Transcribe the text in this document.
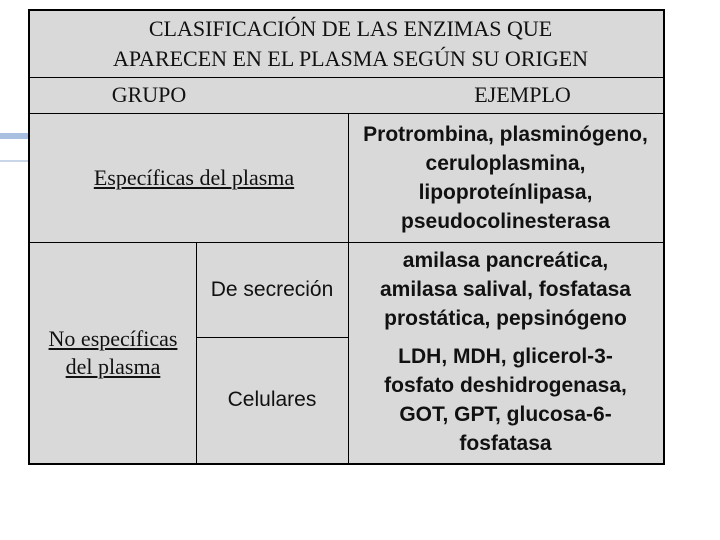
CLASIFICACIÓN DE LAS ENZIMAS QUE
APARECEN EN EL PLASMA SEGÚN SU ORIGEN
GRUPO	EJEMPLO
Específicas del plasma
Protrombina, plasminógeno,
ceruloplasmina,
lipoproteínlipasa,
pseudocolinesterasa
No específicas
del plasma
De secreción
amilasa pancreática,
amilasa salival, fosfatasa
prostática, pepsinógeno
Celulares
LDH, MDH, glicerol-3-
fosfato deshidrogenasa,
GOT, GPT, glucosa-6-
fosfatasa
